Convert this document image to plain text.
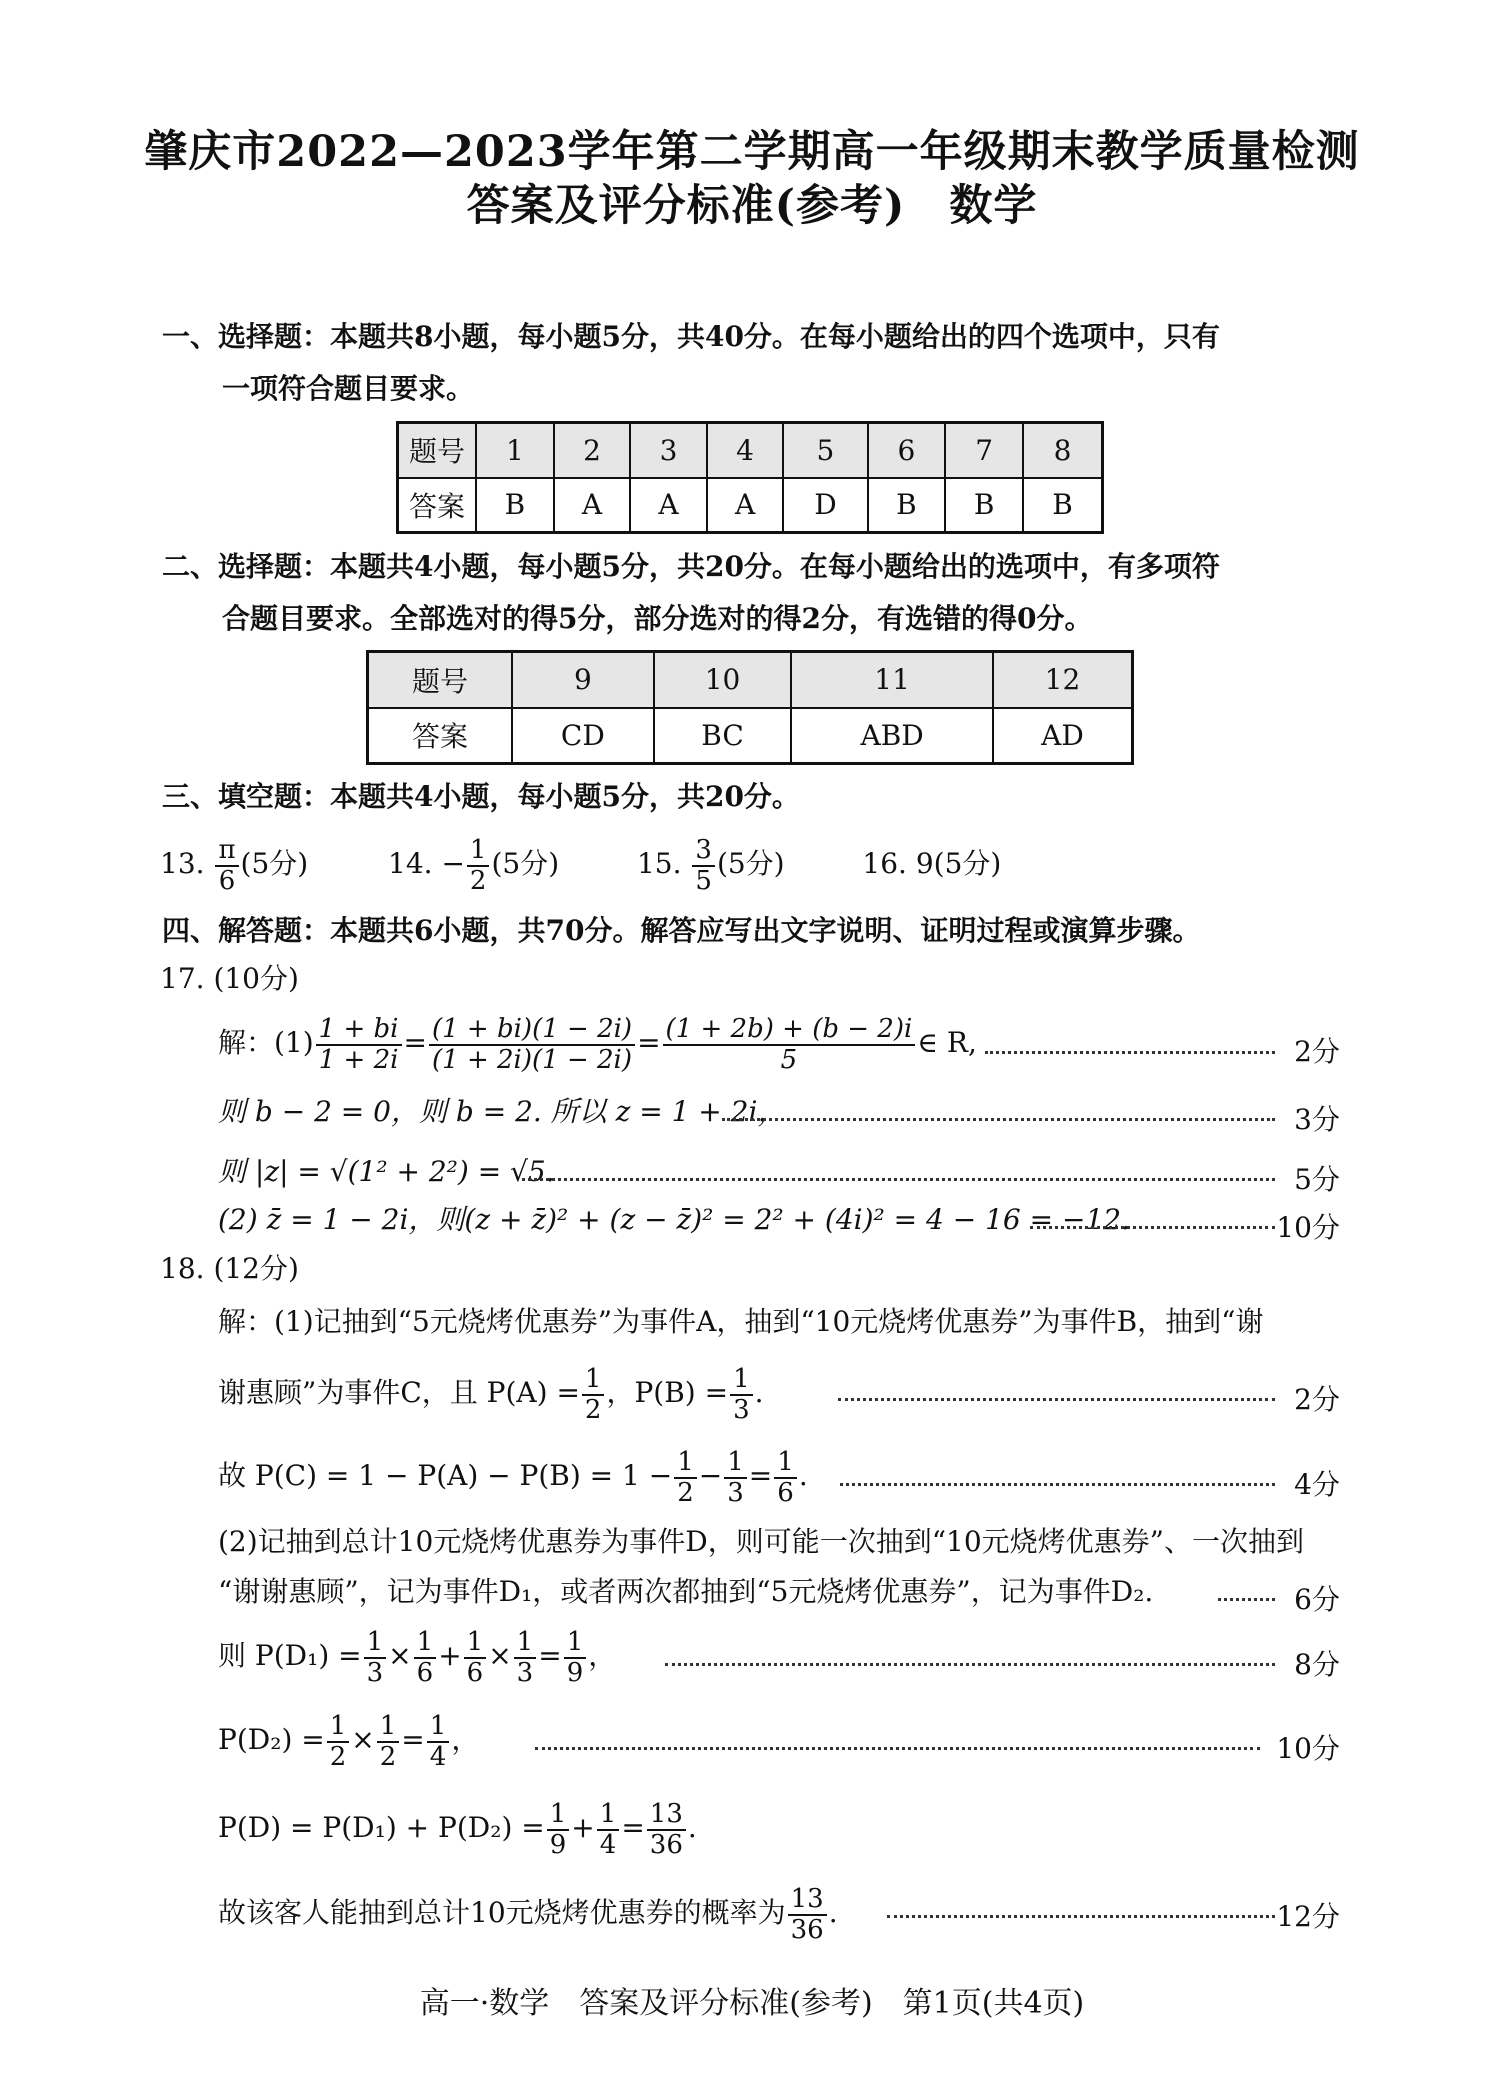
肇庆市2022—2023学年第二学期高一年级期末教学质量检测
答案及评分标准(参考)　数学
一、选择题：本题共8小题，每小题5分，共40分。在每小题给出的四个选项中，只有
一项符合题目要求。
题号	1	2	3	4	5	6	7	8
答案	B	A	A	A	D	B	B	B
二、选择题：本题共4小题，每小题5分，共20分。在每小题给出的选项中，有多项符
合题目要求。全部选对的得5分，部分选对的得2分，有选错的得0分。
题号	9	10	11	12
答案	CD	BC	ABD	AD
三、填空题：本题共4小题，每小题5分，共20分。
13. $\frac{\pi}{6} (5$分)	14. − $\frac{1}{2} (5$分)	15. $\frac{3}{5} (5$分)	16. 9(5分)
四、解答题：本题共6小题，共70分。解答应写出文字说明、证明过程或演算步骤。
17. (10分)
解：$(1) \frac{1 + bi}{1 + 2i} = \frac{(1 + bi)(1 - 2i)}{(1 + 2i)(1 - 2i)} = \frac{(1 + 2b) + (b - 2)i}{5}$ ∈ R,	2分
则 b − 2 = 0，则 b = 2. 所以 z = 1 + 2i，	3分
则 |z| = √(1² + 2²) = √5.	5分
(2) z̄ = 1 − 2i，则(z + z̄)² + (z − z̄)² = 2² + (4i)² = 4 − 16 = −12.	10分
18. (12分)
解：(1)记抽到“5元烧烤优惠券”为事件A，抽到“10元烧烤优惠券”为事件B，抽到“谢
谢惠顾”为事件C，且 $P(A) = \frac{1}{2}$ ，$P(B) = \frac{1}{3}$ .	2分
故 $P(C) = 1 - P(A) - P(B) = 1 - \frac{1}{2} - \frac{1}{3} = \frac{1}{6}$ .	4分
(2)记抽到总计10元烧烤优惠券为事件D，则可能一次抽到“10元烧烤优惠券”、一次抽到
“谢谢惠顾”，记为事件D₁，或者两次都抽到“5元烧烤优惠券”，记为事件D₂.	6分
则 $P(D_1) = \frac{1}{3} \times \frac{1}{6} + \frac{1}{6} \times \frac{1}{3} = \frac{1}{9}$ ，	8分
$P(D_2) = \frac{1}{2} \times \frac{1}{2} = \frac{1}{4}$ ，	10分
$P(D) = P(D_1) + P(D_2) = \frac{1}{9} + \frac{1}{4} = \frac{13}{36}$ .
故该客人能抽到总计10元烧烤优惠券的概率为 $\frac{13}{36}$ .	12分
高一·数学　答案及评分标准(参考)　第1页(共4页)
